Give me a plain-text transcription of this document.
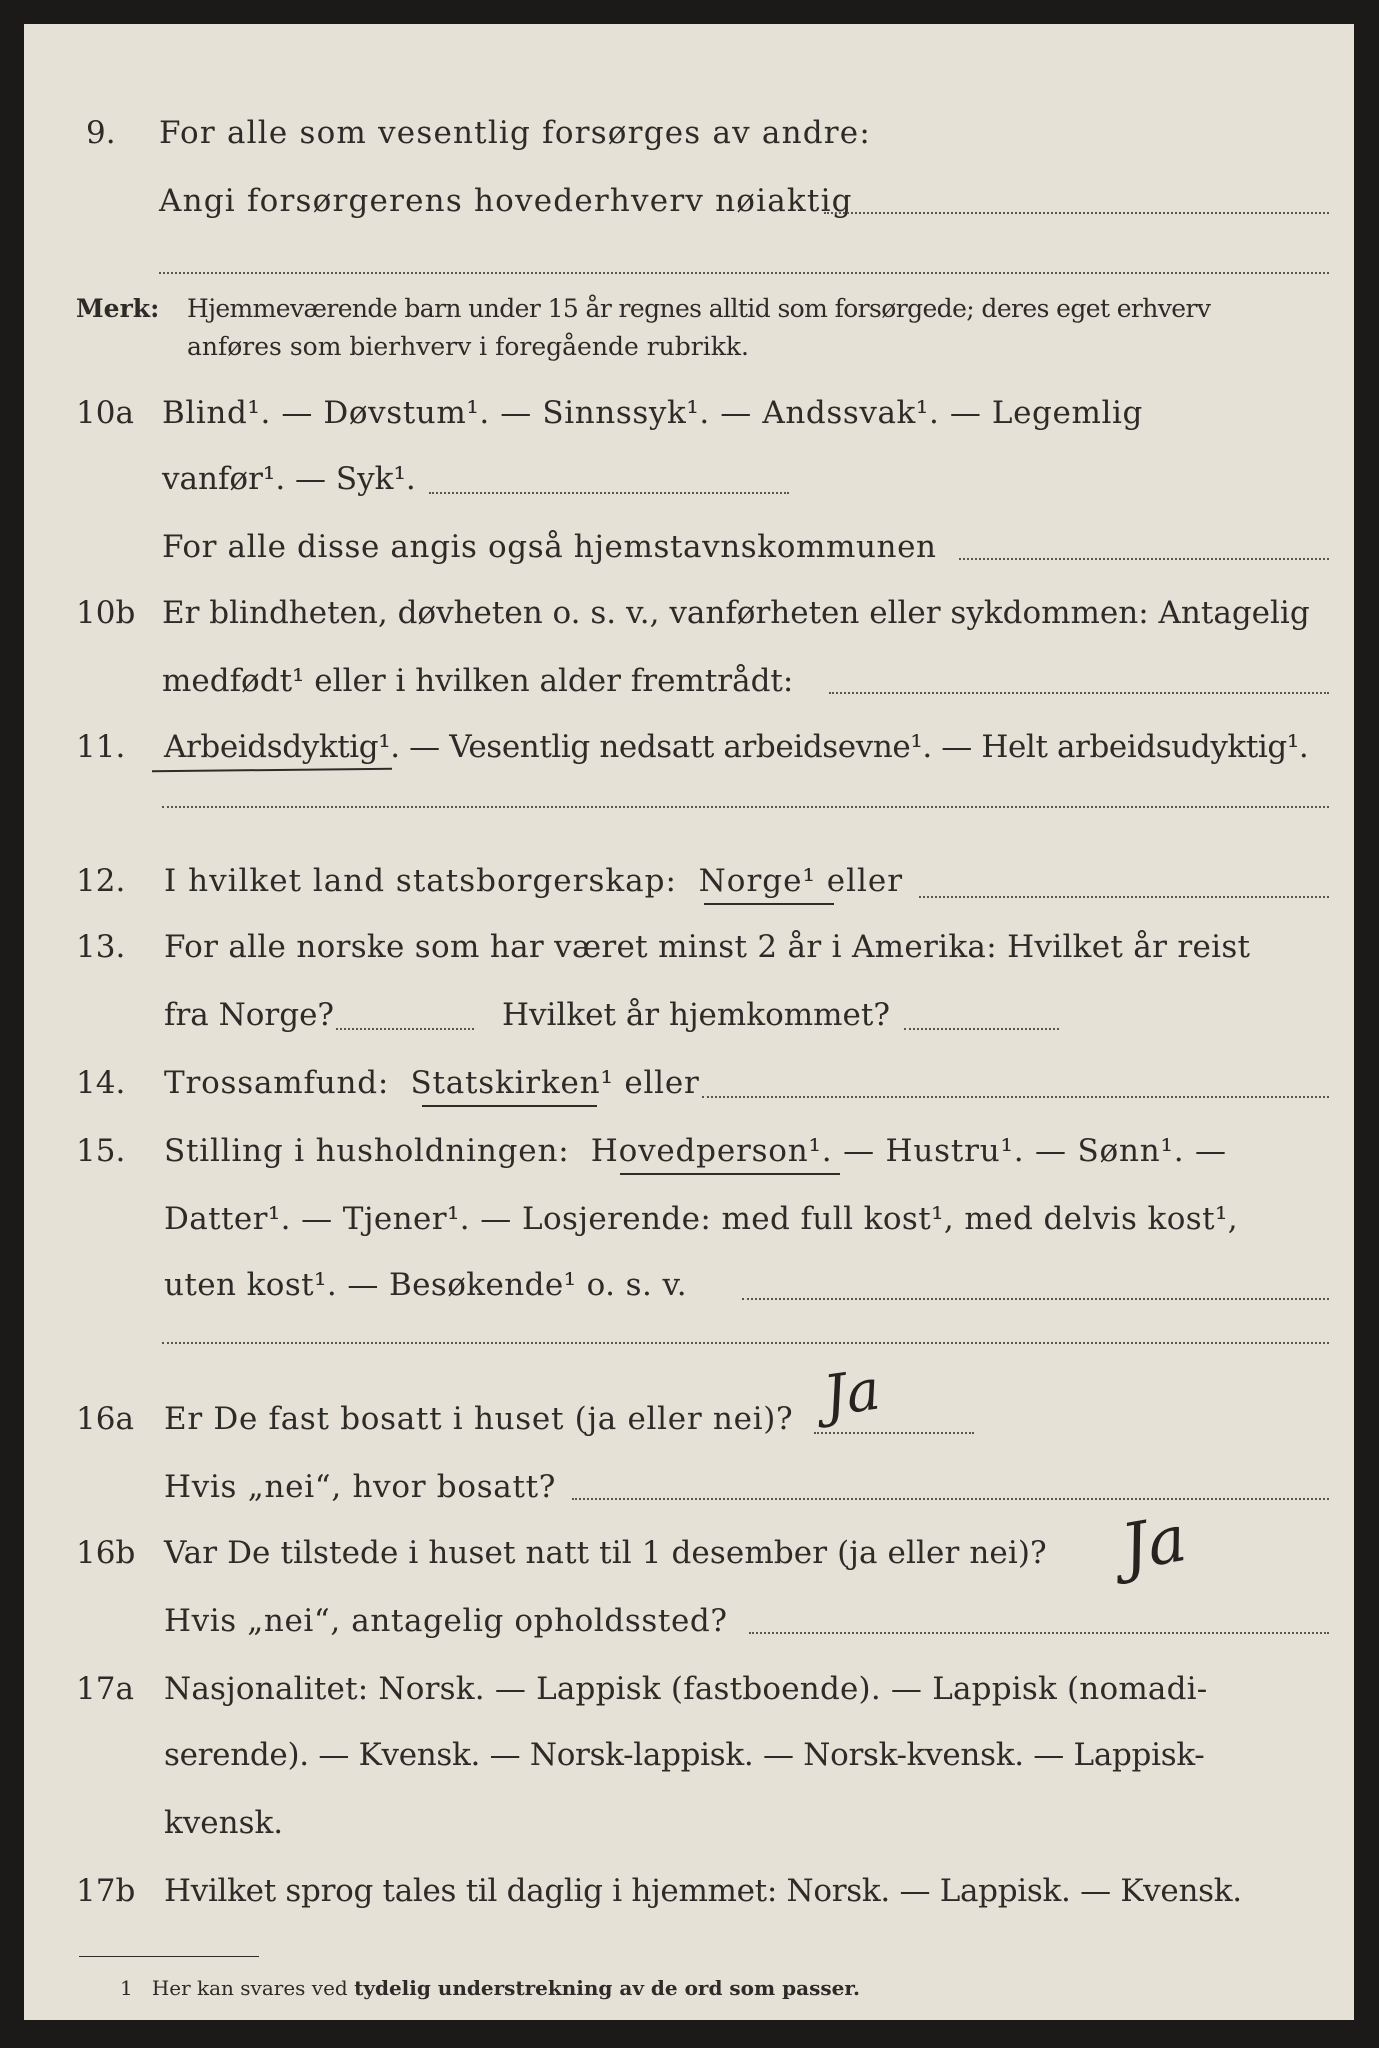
9. For alle som vesentlig forsørges av andre:
Angi forsørgerens hovederhverv nøiaktig
Merk: Hjemmeværende barn under 15 år regnes alltid som forsørgede; deres eget erhverv
anføres som bierhverv i foregående rubrikk.
10a Blind¹. — Døvstum¹. — Sinnssyk¹. — Andssvak¹. — Legemlig
vanfør¹. — Syk¹.
For alle disse angis også hjemstavnskommunen
10b Er blindheten, døvheten o. s. v., vanførheten eller sykdommen: Antagelig
medfødt¹ eller i hvilken alder fremtrådt:
11. Arbeidsdyktig¹. — Vesentlig nedsatt arbeidsevne¹. — Helt arbeidsudyktig¹.
12. I hvilket land statsborgerskap: Norge¹ eller
13. For alle norske som har været minst 2 år i Amerika: Hvilket år reist
fra Norge?	Hvilket år hjemkommet?
14. Trossamfund: Statskirken¹ eller
15. Stilling i husholdningen: Hovedperson¹. — Hustru¹. — Sønn¹. —
Datter¹. — Tjener¹. — Losjerende: med full kost¹, med delvis kost¹,
uten kost¹. — Besøkende¹ o. s. v.
16a Er De fast bosatt i huset (ja eller nei)? Ja
Hvis „nei“, hvor bosatt?
16b Var De tilstede i huset natt til 1 desember (ja eller nei)? Ja
Hvis „nei“, antagelig opholdssted?
17a Nasjonalitet: Norsk. — Lappisk (fastboende). — Lappisk (nomadi-
serende). — Kvensk. — Norsk-lappisk. — Norsk-kvensk. — Lappisk-
kvensk.
17b Hvilket sprog tales til daglig i hjemmet: Norsk. — Lappisk. — Kvensk.
1 Her kan svares ved tydelig understrekning av de ord som passer.
